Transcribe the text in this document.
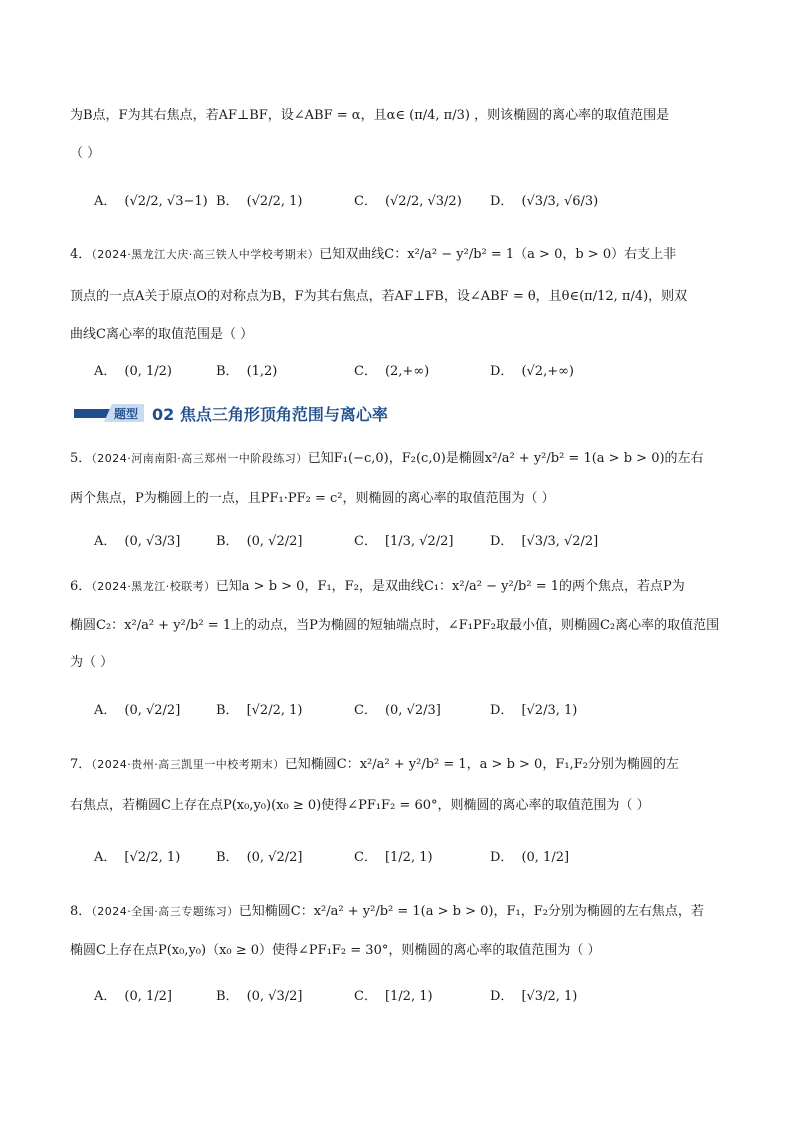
为B点，F为其右焦点，若AF⊥BF，设∠ABF = α，且α∈ (π/4, π/3) ，则该椭圆的离心率的取值范围是
（ ）
A． (√2/2, √3−1) B． (√2/2, 1)	C． (√2/2, √3/2)	D． (√3/3, √6/3)
4．（2024·黑龙江大庆·高三铁人中学校考期末）已知双曲线C：x²/a² − y²/b² = 1（a > 0，b > 0）右支上非
顶点的一点A关于原点O的对称点为B，F为其右焦点，若AF⊥FB，设∠ABF = θ，且θ∈(π/12, π/4)，则双
曲线C离心率的取值范围是（ ）
A． (0, 1/2)	B． (1,2)	C． (2,+∞)	D． (√2,+∞)
题型 02 焦点三角形顶角范围与离心率
5．（2024·河南南阳·高三郑州一中阶段练习）已知F₁(−c,0)，F₂(c,0)是椭圆x²/a² + y²/b² = 1(a > b > 0)的左右
两个焦点，P为椭圆上的一点，且PF₁·PF₂ = c²，则椭圆的离心率的取值范围为（ ）
A． (0, √3/3]	B． (0, √2/2]	C． [1/3, √2/2]	D． [√3/3, √2/2]
6．（2024·黑龙江·校联考）已知a > b > 0，F₁，F₂，是双曲线C₁：x²/a² − y²/b² = 1的两个焦点，若点P为
椭圆C₂：x²/a² + y²/b² = 1上的动点，当P为椭圆的短轴端点时，∠F₁PF₂取最小值，则椭圆C₂离心率的取值范围
为（ ）
A． (0, √2/2]	B． [√2/2, 1)	C． (0, √2/3]	D． [√2/3, 1)
7．（2024·贵州·高三凯里一中校考期末）已知椭圆C：x²/a² + y²/b² = 1，a > b > 0，F₁,F₂分别为椭圆的左
右焦点，若椭圆C上存在点P(x₀,y₀)(x₀ ≥ 0)使得∠PF₁F₂ = 60°，则椭圆的离心率的取值范围为（ ）
A． [√2/2, 1)	B． (0, √2/2]	C． [1/2, 1)	D． (0, 1/2]
8．（2024·全国·高三专题练习）已知椭圆C：x²/a² + y²/b² = 1(a > b > 0)，F₁，F₂分别为椭圆的左右焦点，若
椭圆C上存在点P(x₀,y₀)（x₀ ≥ 0）使得∠PF₁F₂ = 30°，则椭圆的离心率的取值范围为（ ）
A． (0, 1/2]	B． (0, √3/2]	C． [1/2, 1)	D． [√3/2, 1)
